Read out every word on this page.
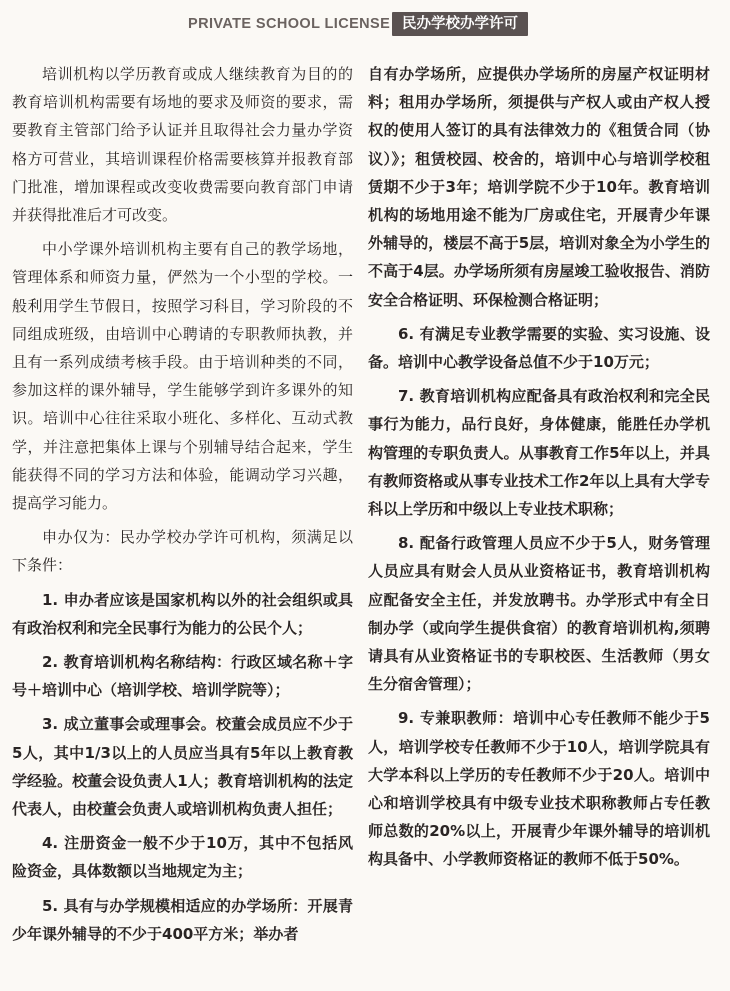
PRIVATE SCHOOL LICENSE 民办学校办学许可

培训机构以学历教育或成人继续教育为目的的教育培训机构需要有场地的要求及师资的要求，需要教育主管部门给予认证并且取得社会力量办学资格方可营业，其培训课程价格需要核算并报教育部门批准，增加课程或改变收费需要向教育部门申请并获得批准后才可改变。

中小学课外培训机构主要有自己的教学场地，管理体系和师资力量，俨然为一个小型的学校。一般利用学生节假日，按照学习科目，学习阶段的不同组成班级，由培训中心聘请的专职教师执教，并且有一系列成绩考核手段。由于培训种类的不同，参加这样的课外辅导，学生能够学到许多课外的知识。培训中心往往采取小班化、多样化、互动式教学，并注意把集体上课与个别辅导结合起来，学生能获得不同的学习方法和体验，能调动学习兴趣，提高学习能力。

申办仅为：民办学校办学许可机构，须满足以下条件：

1. 申办者应该是国家机构以外的社会组织或具有政治权利和完全民事行为能力的公民个人；

2. 教育培训机构名称结构：行政区域名称＋字号＋培训中心（培训学校、培训学院等）；

3. 成立董事会或理事会。校董会成员应不少于5人，其中1/3以上的人员应当具有5年以上教育教学经验。校董会设负责人1人；教育培训机构的法定代表人，由校董会负责人或培训机构负责人担任；

4. 注册资金一般不少于10万，其中不包括风险资金，具体数额以当地规定为主；

5. 具有与办学规模相适应的办学场所：开展青少年课外辅导的不少于400平方米；举办者

自有办学场所，应提供办学场所的房屋产权证明材料；租用办学场所，须提供与产权人或由产权人授权的使用人签订的具有法律效力的《租赁合同（协议）》；租赁校园、校舍的，培训中心与培训学校租赁期不少于3年；培训学院不少于10年。教育培训机构的场地用途不能为厂房或住宅，开展青少年课外辅导的，楼层不高于5层，培训对象全为小学生的不高于4层。办学场所须有房屋竣工验收报告、消防安全合格证明、环保检测合格证明；

6. 有满足专业教学需要的实验、实习设施、设备。培训中心教学设备总值不少于10万元；

7. 教育培训机构应配备具有政治权利和完全民事行为能力，品行良好，身体健康，能胜任办学机构管理的专职负责人。从事教育工作5年以上，并具有教师资格或从事专业技术工作2年以上具有大学专科以上学历和中级以上专业技术职称；

8. 配备行政管理人员应不少于5人，财务管理人员应具有财会人员从业资格证书，教育培训机构应配备安全主任，并发放聘书。办学形式中有全日制办学（或向学生提供食宿）的教育培训机构,须聘请具有从业资格证书的专职校医、生活教师（男女生分宿舍管理）；

9. 专兼职教师：培训中心专任教师不能少于5人，培训学校专任教师不少于10人，培训学院具有大学本科以上学历的专任教师不少于20人。培训中心和培训学校具有中级专业技术职称教师占专任教师总数的20%以上，开展青少年课外辅导的培训机构具备中、小学教师资格证的教师不低于50%。
